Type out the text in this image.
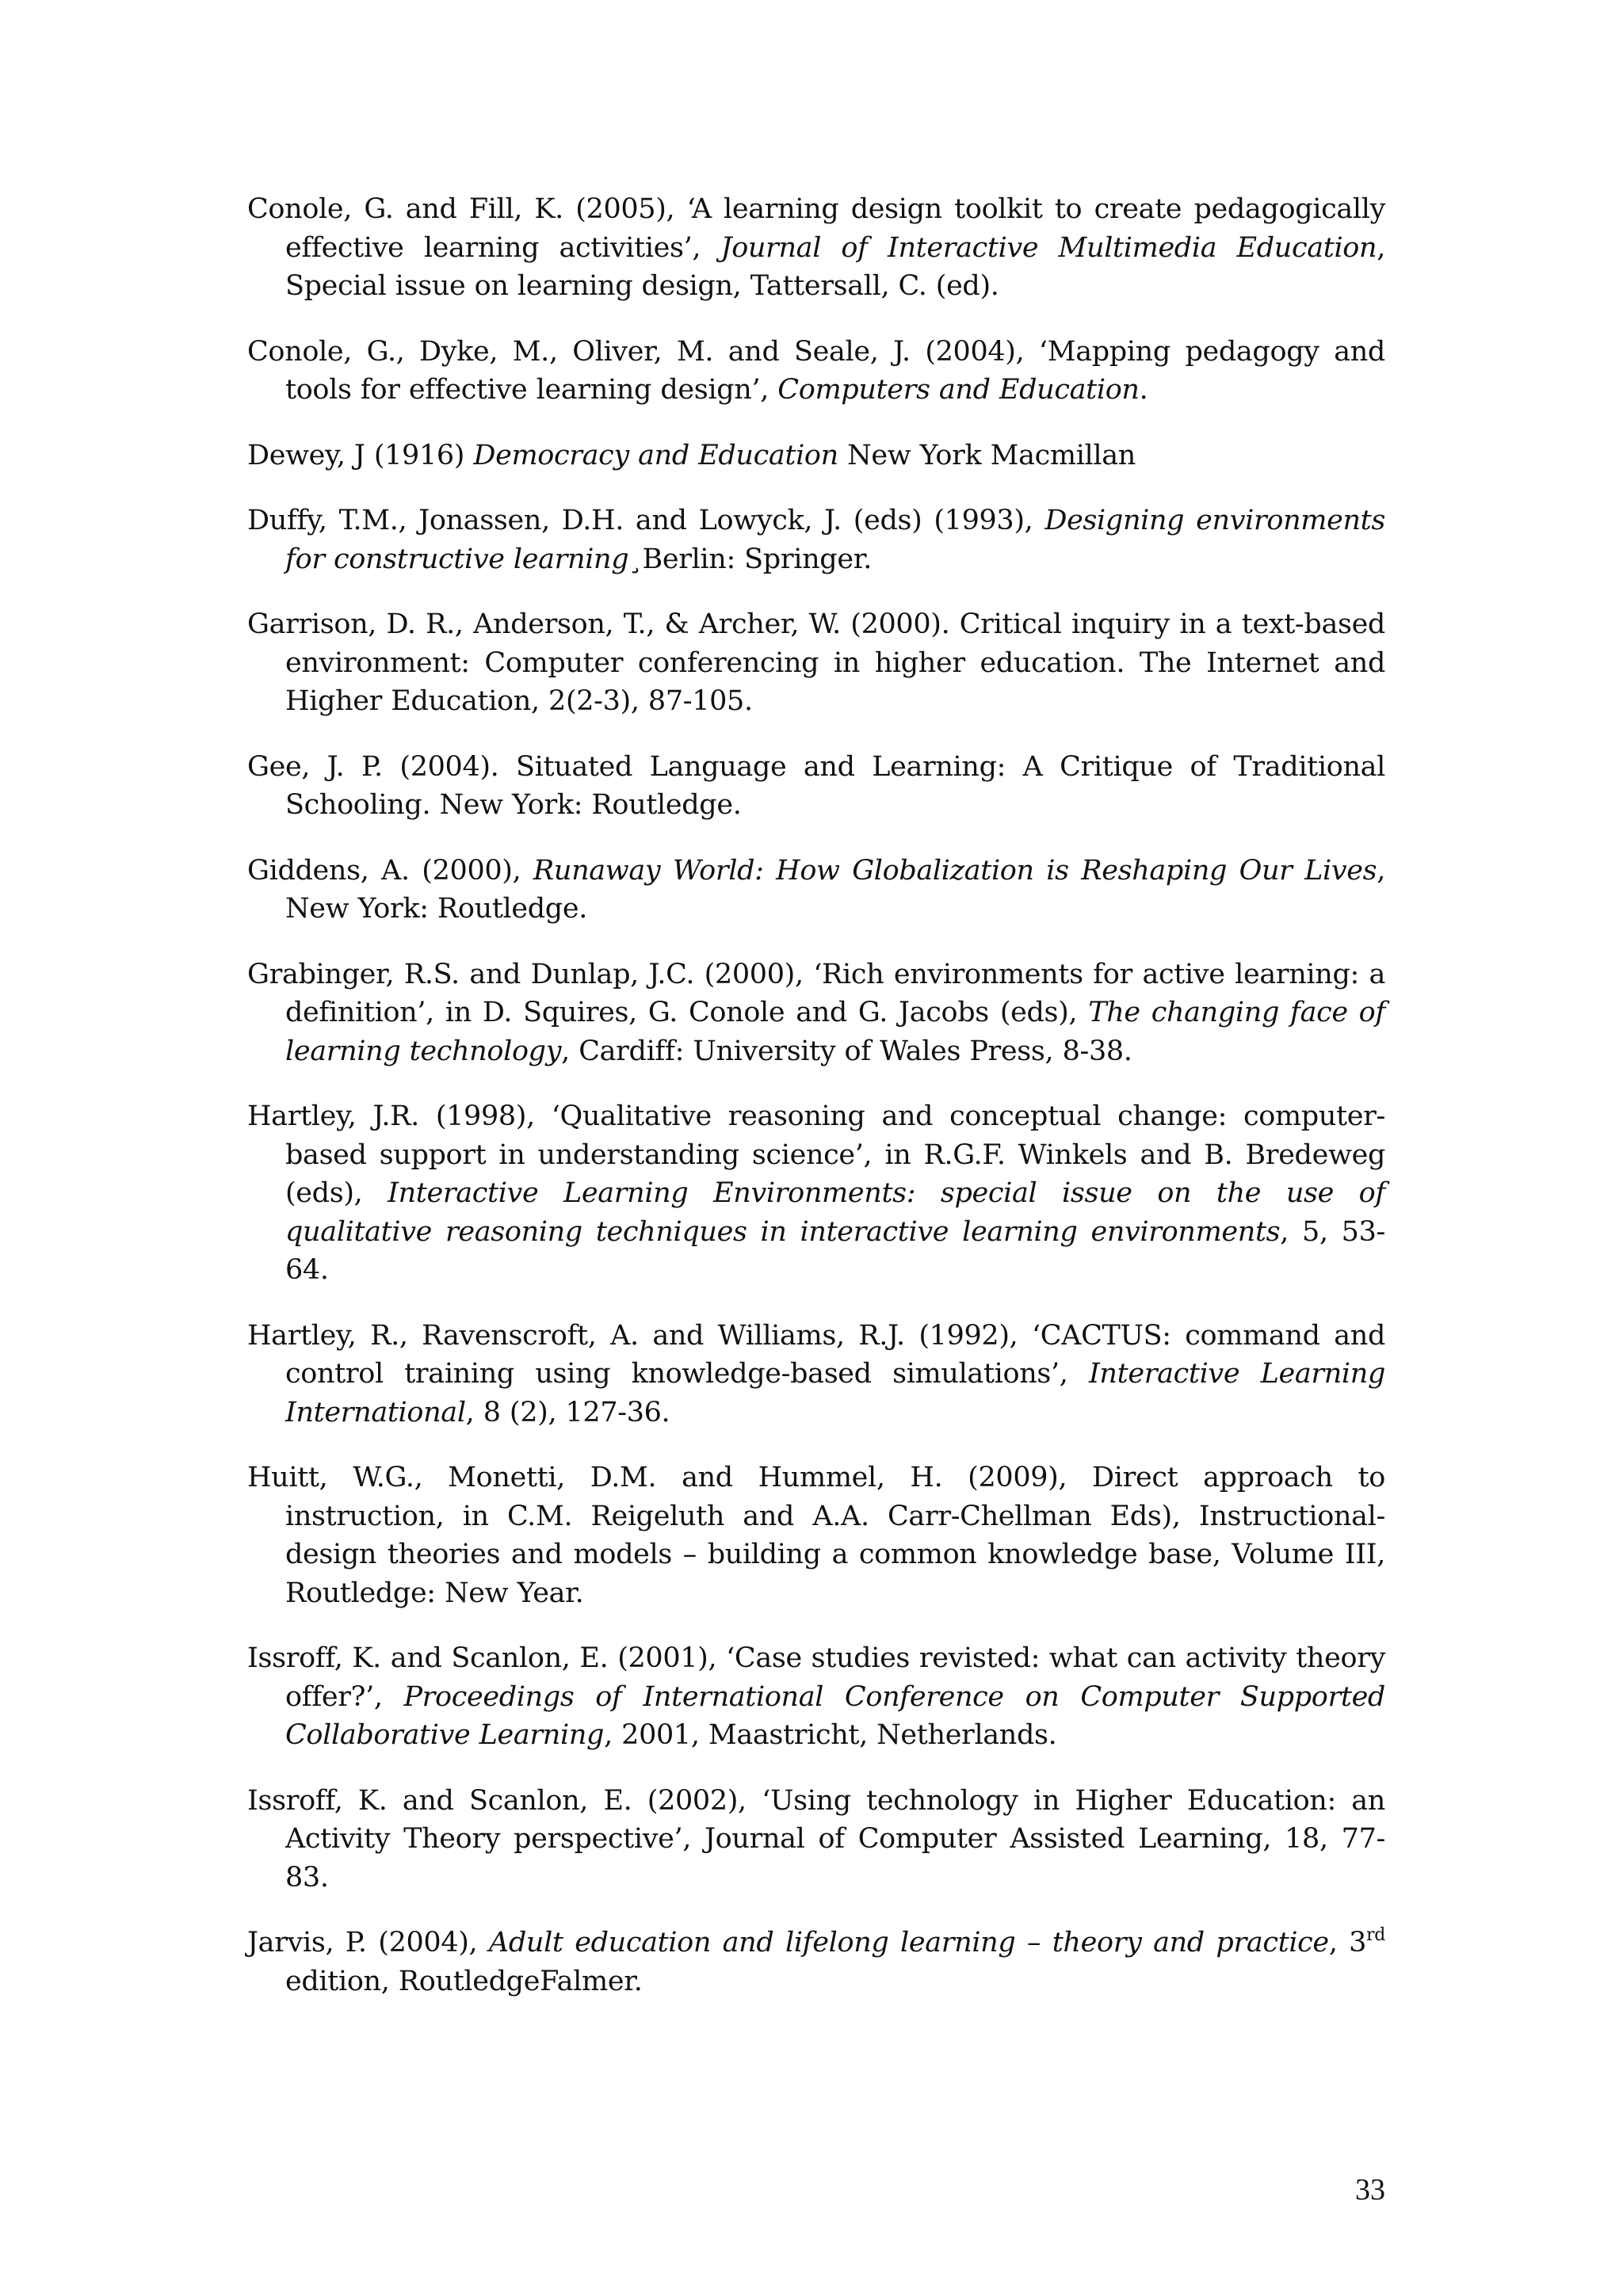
Conole, G. and Fill, K. (2005), ‘A learning design toolkit to create pedagogically effective learning activities’, Journal of Interactive Multimedia Education, Special issue on learning design, Tattersall, C. (ed).

Conole, G., Dyke, M., Oliver, M. and Seale, J. (2004), ‘Mapping pedagogy and tools for effective learning design’, Computers and Education.

Dewey, J (1916) Democracy and Education New York Macmillan

Duffy, T.M., Jonassen, D.H. and Lowyck, J. (eds) (1993), Designing environments for constructive learning¸Berlin: Springer.

Garrison, D. R., Anderson, T., & Archer, W. (2000). Critical inquiry in a text-based environment: Computer conferencing in higher education. The Internet and Higher Education, 2(2-3), 87-105.

Gee, J. P. (2004). Situated Language and Learning: A Critique of Traditional Schooling. New York: Routledge.

Giddens, A. (2000), Runaway World: How Globalization is Reshaping Our Lives, New York: Routledge.

Grabinger, R.S. and Dunlap, J.C. (2000), ‘Rich environments for active learning: a definition’, in D. Squires, G. Conole and G. Jacobs (eds), The changing face of learning technology, Cardiff: University of Wales Press, 8-38.

Hartley, J.R. (1998), ‘Qualitative reasoning and conceptual change: computer-based support in understanding science’, in R.G.F. Winkels and B. Bredeweg (eds), Interactive Learning Environments: special issue on the use of qualitative reasoning techniques in interactive learning environments, 5, 53-64.

Hartley, R., Ravenscroft, A. and Williams, R.J. (1992), ‘CACTUS: command and control training using knowledge-based simulations’, Interactive Learning International, 8 (2), 127-36.

Huitt, W.G., Monetti, D.M. and Hummel, H. (2009), Direct approach to instruction, in C.M. Reigeluth and A.A. Carr-Chellman Eds), Instructional-design theories and models – building a common knowledge base, Volume III, Routledge: New Year.

Issroff, K. and Scanlon, E. (2001), ‘Case studies revisted: what can activity theory offer?’, Proceedings of International Conference on Computer Supported Collaborative Learning, 2001, Maastricht, Netherlands.

Issroff, K. and Scanlon, E. (2002), ‘Using technology in Higher Education: an Activity Theory perspective’, Journal of Computer Assisted Learning, 18, 77-83.

Jarvis, P. (2004), Adult education and lifelong learning – theory and practice, 3rd edition, RoutledgeFalmer.

33
